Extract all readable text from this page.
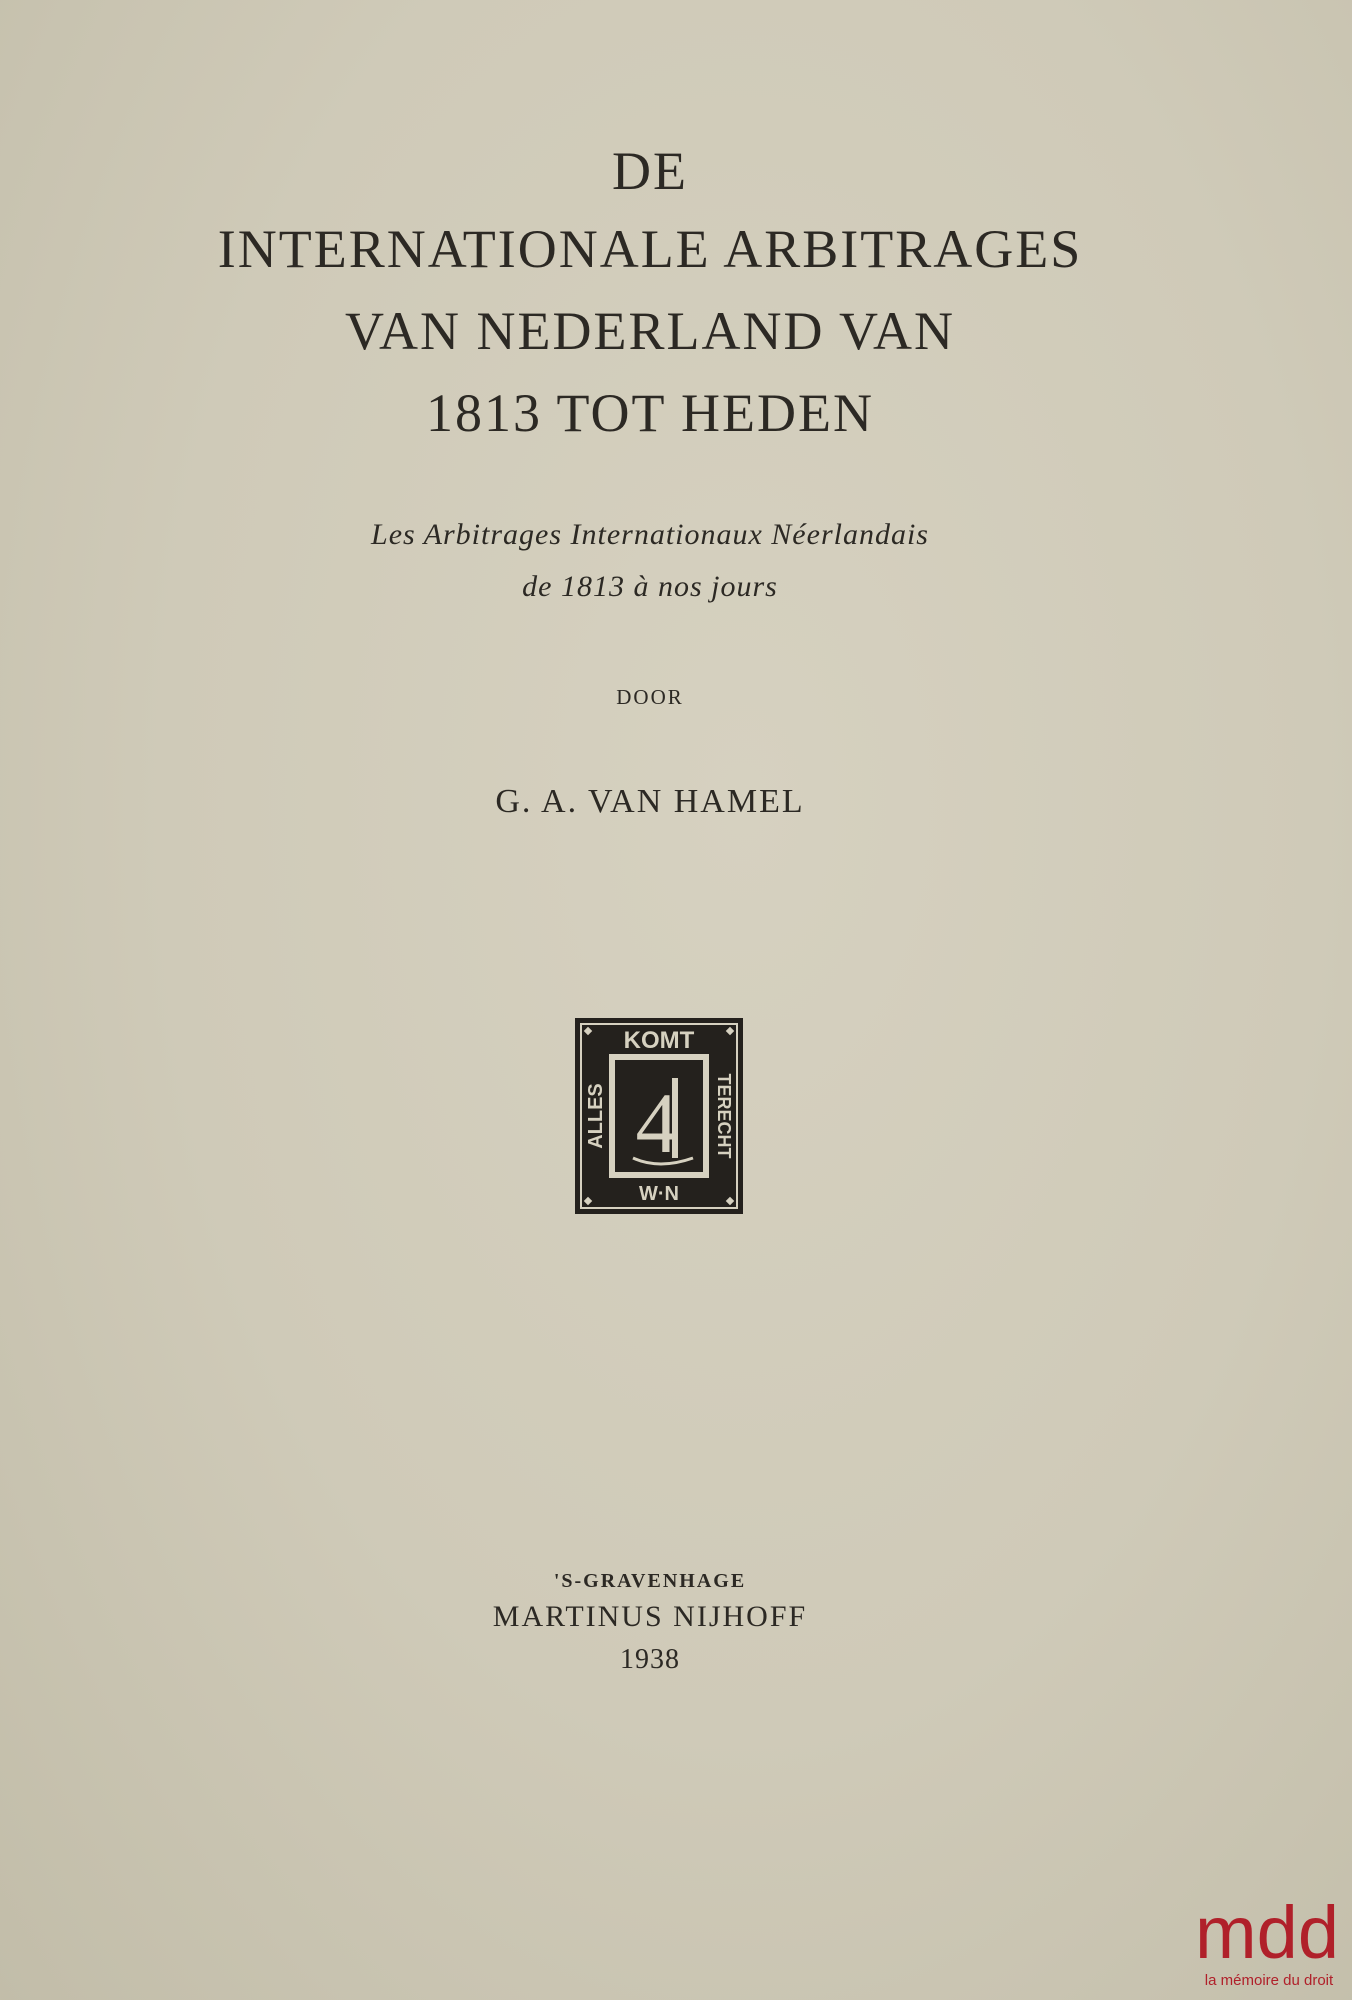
DE
INTERNATIONALE ARBITRAGES
VAN NEDERLAND VAN
1813 TOT HEDEN
Les Arbitrages Internationaux Néerlandais
de 1813 à nos jours
DOOR
G. A. VAN HAMEL
KOMT
W·N
ALLES	TERECHT
4
'S-GRAVENHAGE
MARTINUS NIJHOFF
1938
mdd
la mémoire du droit
